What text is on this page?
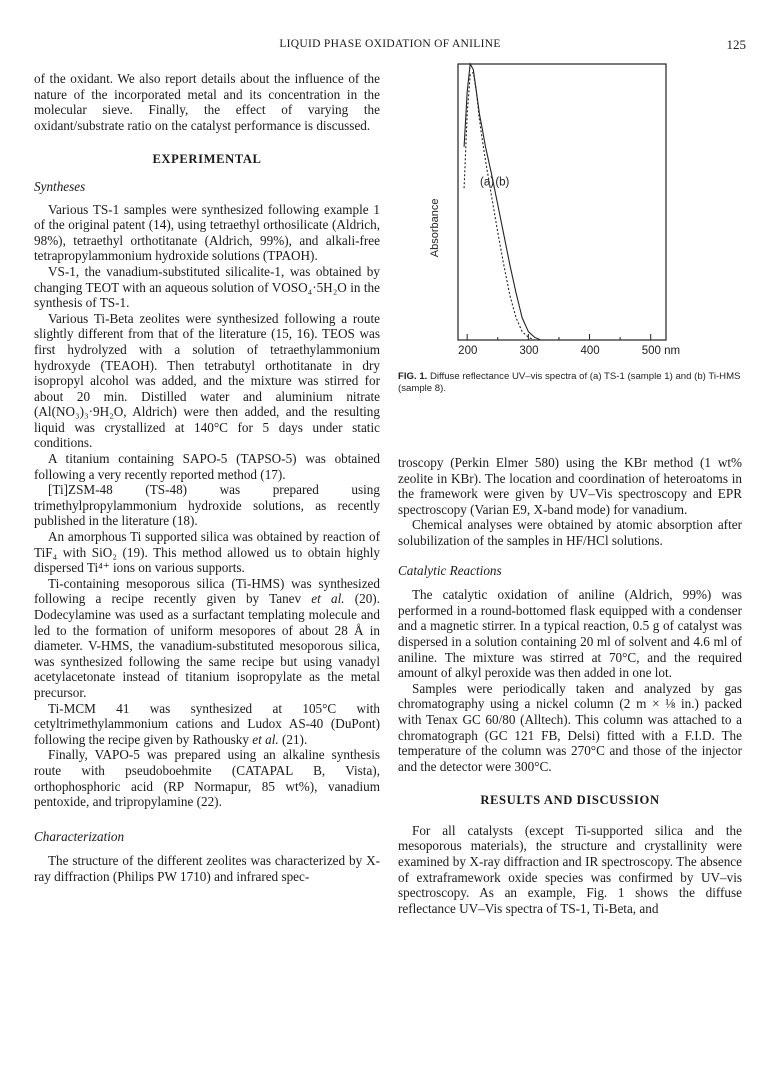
LIQUID PHASE OXIDATION OF ANILINE	125

of the oxidant. We also report details about the influence of the nature of the incorporated metal and its concentration in the molecular sieve. Finally, the effect of varying the oxidant/substrate ratio on the catalyst performance is discussed.

EXPERIMENTAL
Syntheses

Various TS-1 samples were synthesized following example 1 of the original patent (14), using tetraethyl orthosilicate (Aldrich, 98%), tetraethyl orthotitanate (Aldrich, 99%), and alkali-free tetrapropylammonium hydroxide solutions (TPAOH).

VS-1, the vanadium-substituted silicalite-1, was obtained by changing TEOT with an aqueous solution of VOSO₄·5H₂O in the synthesis of TS-1.

Various Ti-Beta zeolites were synthesized following a route slightly different from that of the literature (15, 16). TEOS was first hydrolyzed with a solution of tetraethylammonium hydroxyde (TEAOH). Then tetrabutyl orthotitanate in dry isopropyl alcohol was added, and the mixture was stirred for about 20 min. Distilled water and aluminium nitrate (Al(NO₃)₃·9H₂O, Aldrich) were then added, and the resulting liquid was crystallized at 140°C for 5 days under static conditions.

A titanium containing SAPO-5 (TAPSO-5) was obtained following a very recently reported method (17).

[Ti]ZSM-48 (TS-48) was prepared using trimethylpropylammonium hydroxide solutions, as recently published in the literature (18).

An amorphous Ti supported silica was obtained by reaction of TiF₄ with SiO₂ (19). This method allowed us to obtain highly dispersed Ti⁴⁺ ions on various supports.

Ti-containing mesoporous silica (Ti-HMS) was synthesized following a recipe recently given by Tanev et al. (20). Dodecylamine was used as a surfactant templating molecule and led to the formation of uniform mesopores of about 28 Å in diameter. V-HMS, the vanadium-substituted mesoporous silica, was synthesized following the same recipe but using vanadyl acetylacetonate instead of titanium isopropylate as the metal precursor.

Ti-MCM 41 was synthesized at 105°C with cetyltrimethylammonium cations and Ludox AS-40 (DuPont) following the recipe given by Rathousky et al. (21).

Finally, VAPO-5 was prepared using an alkaline synthesis route with pseudoboehmite (CATAPAL B, Vista), orthophosphoric acid (RP Normapur, 85 wt%), vanadium pentoxide, and tripropylamine (22).

Characterization

The structure of the different zeolites was characterized by X-ray diffraction (Philips PW 1710) and infrared spec-

200	300	400	500 nm
Absorbance
(a) (b)
FIG. 1. Diffuse reflectance UV–vis spectra of (a) TS-1 (sample 1) and (b) Ti-HMS (sample 8).

troscopy (Perkin Elmer 580) using the KBr method (1 wt% zeolite in KBr). The location and coordination of heteroatoms in the framework were given by UV–Vis spectroscopy and EPR spectroscopy (Varian E9, X-band mode) for vanadium.

Chemical analyses were obtained by atomic absorption after solubilization of the samples in HF/HCl solutions.

Catalytic Reactions

The catalytic oxidation of aniline (Aldrich, 99%) was performed in a round-bottomed flask equipped with a condenser and a magnetic stirrer. In a typical reaction, 0.5 g of catalyst was dispersed in a solution containing 20 ml of solvent and 4.6 ml of aniline. The mixture was stirred at 70°C, and the required amount of alkyl peroxide was then added in one lot.

Samples were periodically taken and analyzed by gas chromatography using a nickel column (2 m × ⅛ in.) packed with Tenax GC 60/80 (Alltech). This column was attached to a chromatograph (GC 121 FB, Delsi) fitted with a F.I.D. The temperature of the column was 270°C and those of the injector and the detector were 300°C.

RESULTS AND DISCUSSION

For all catalysts (except Ti-supported silica and the mesoporous materials), the structure and crystallinity were examined by X-ray diffraction and IR spectroscopy. The absence of extraframework oxide species was confirmed by UV–vis spectroscopy. As an example, Fig. 1 shows the diffuse reflectance UV–Vis spectra of TS-1, Ti-Beta, and
